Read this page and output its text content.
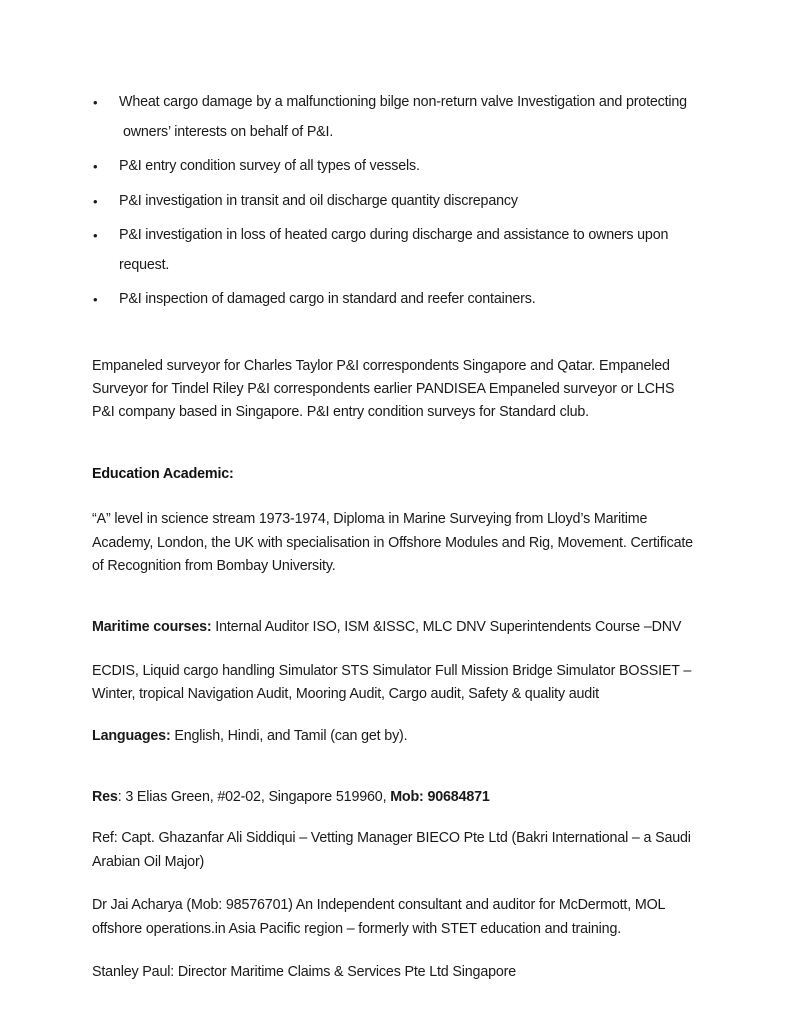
•	Wheat cargo damage by a malfunctioning bilge non-return valve Investigation and protecting
owners’ interests on behalf of P&I.
•	P&I entry condition survey of all types of vessels.
•	P&I investigation in transit and oil discharge quantity discrepancy
•	P&I investigation in loss of heated cargo during discharge and assistance to owners upon request.
•	P&I inspection of damaged cargo in standard and reefer containers.

Empaneled surveyor for Charles Taylor P&I correspondents Singapore and Qatar. Empaneled Surveyor for Tindel Riley P&I correspondents earlier PANDISEA Empaneled surveyor or LCHS P&I company based in Singapore. P&I entry condition surveys for Standard club.

Education Academic:

“A” level in science stream 1973-1974, Diploma in Marine Surveying from Lloyd’s Maritime Academy, London, the UK with specialisation in Offshore Modules and Rig, Movement. Certificate of Recognition from Bombay University.

Maritime courses: Internal Auditor ISO, ISM &ISSC, MLC DNV Superintendents Course –DNV

ECDIS, Liquid cargo handling Simulator STS Simulator Full Mission Bridge Simulator BOSSIET –Winter, tropical Navigation Audit, Mooring Audit, Cargo audit, Safety & quality audit

Languages: English, Hindi, and Tamil (can get by).

Res: 3 Elias Green, #02-02, Singapore 519960, Mob: 90684871

Ref: Capt. Ghazanfar Ali Siddiqui – Vetting Manager BIECO Pte Ltd (Bakri International – a Saudi Arabian Oil Major)

Dr Jai Acharya (Mob: 98576701) An Independent consultant and auditor for McDermott, MOL offshore operations.in Asia Pacific region – formerly with STET education and training.

Stanley Paul: Director Maritime Claims & Services Pte Ltd Singapore
